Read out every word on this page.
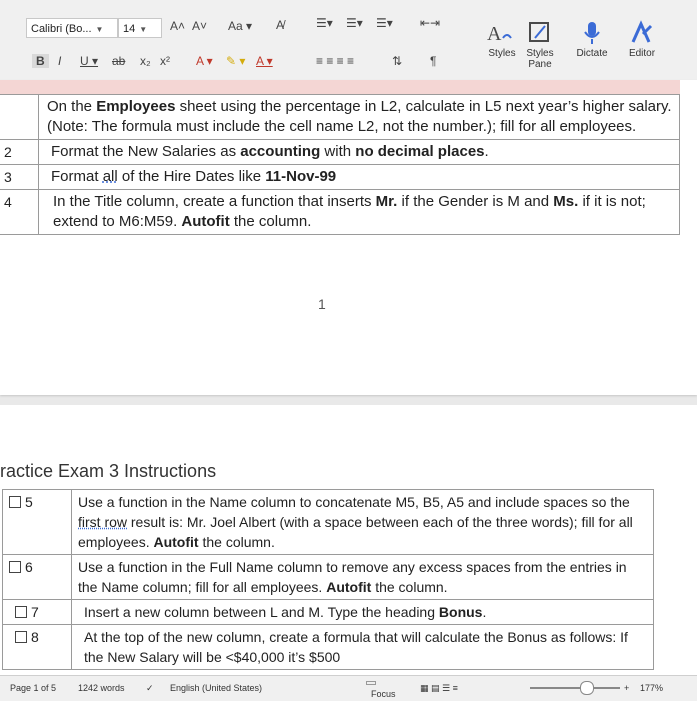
Calibri (Bo... ▼	14 ▼	A˄ A˅ Aa ▾ A̸	☰▾ ☰▾ ☰▾ ⇤⇥
B	I U ▾ ab x₂ x² A ▾ ✎ ▾ A ▾	≡ ≡ ≡ ≡	⇅ ¶
A
Styles	Styles Pane
Dictate	Editor
	On the Employees sheet using the percentage in L2, calculate in L5 next year’s higher salary. (Note: The formula must include the cell name L2, not the number.); fill for all employees.
2	Format the New Salaries as accounting with no decimal places.
3	Format all of the Hire Dates like 11-Nov-99
4	In the Title column, create a function that inserts Mr. if the Gender is M and Ms. if it is not; extend to M6:M59. Autofit the column.
1
ractice Exam 3 Instructions
5	Use a function in the Name column to concatenate M5, B5, A5 and include spaces so the first row result is: Mr. Joel Albert (with a space between each of the three words); fill for all employees. Autofit the column.
6	Use a function in the Full Name column to remove any excess spaces from the entries in the Name column; fill for all employees. Autofit the column.
7	Insert a new column between L and M. Type the heading Bonus.
8	At the top of the new column, create a formula that will calculate the Bonus as follows: If the New Salary will be <$40,000 it’s $500
Page 1 of 5 1242 words ✓ English (United States)
Focus
▦ ▤ ☰ ≡	+ 177%
